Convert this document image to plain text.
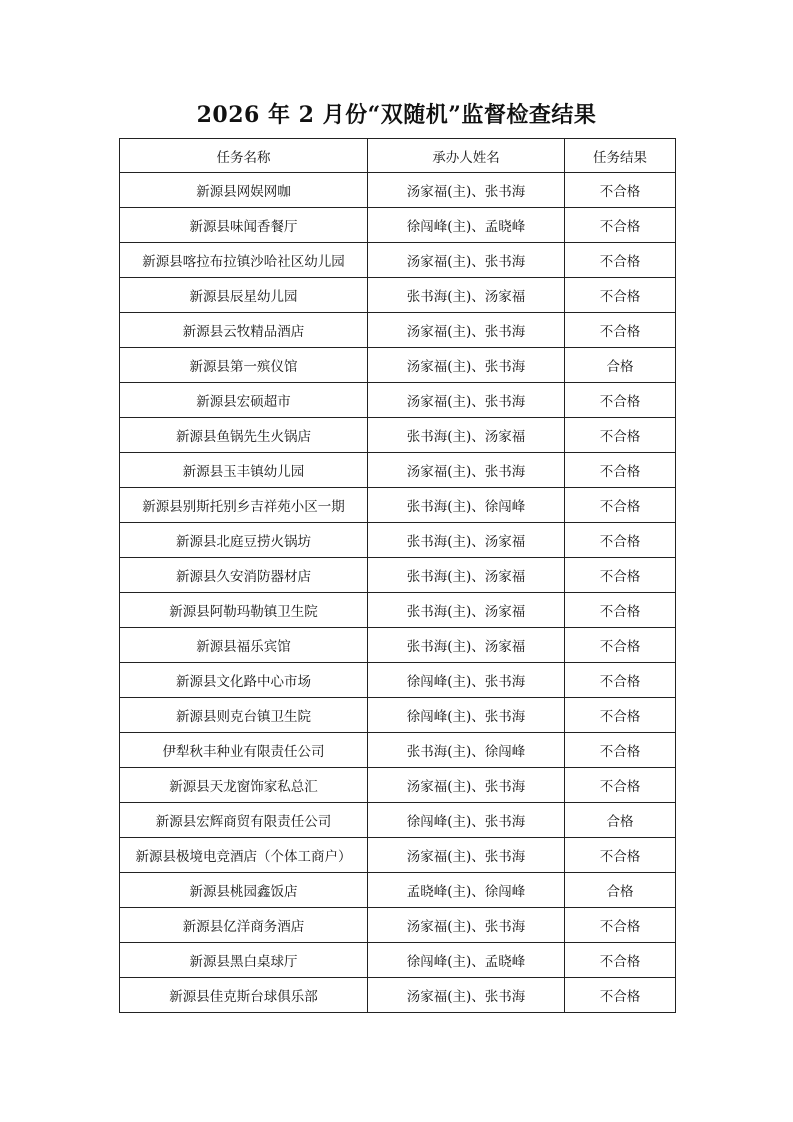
2026 年 2 月份“双随机”监督检查结果
任务名称	承办人姓名	任务结果
新源县网娱网咖	汤家福(主)、张书海	不合格
新源县味闻香餐厅	徐闯峰(主)、孟晓峰	不合格
新源县喀拉布拉镇沙哈社区幼儿园	汤家福(主)、张书海	不合格
新源县辰星幼儿园	张书海(主)、汤家福	不合格
新源县云牧精品酒店	汤家福(主)、张书海	不合格
新源县第一殡仪馆	汤家福(主)、张书海	合格
新源县宏硕超市	汤家福(主)、张书海	不合格
新源县鱼锅先生火锅店	张书海(主)、汤家福	不合格
新源县玉丰镇幼儿园	汤家福(主)、张书海	不合格
新源县别斯托别乡吉祥苑小区一期	张书海(主)、徐闯峰	不合格
新源县北庭豆捞火锅坊	张书海(主)、汤家福	不合格
新源县久安消防器材店	张书海(主)、汤家福	不合格
新源县阿勒玛勒镇卫生院	张书海(主)、汤家福	不合格
新源县福乐宾馆	张书海(主)、汤家福	不合格
新源县文化路中心市场	徐闯峰(主)、张书海	不合格
新源县则克台镇卫生院	徐闯峰(主)、张书海	不合格
伊犁秋丰种业有限责任公司	张书海(主)、徐闯峰	不合格
新源县天龙窗饰家私总汇	汤家福(主)、张书海	不合格
新源县宏辉商贸有限责任公司	徐闯峰(主)、张书海	合格
新源县极境电竞酒店（个体工商户）	汤家福(主)、张书海	不合格
新源县桃园鑫饭店	孟晓峰(主)、徐闯峰	合格
新源县亿洋商务酒店	汤家福(主)、张书海	不合格
新源县黑白桌球厅	徐闯峰(主)、孟晓峰	不合格
新源县佳克斯台球俱乐部	汤家福(主)、张书海	不合格
